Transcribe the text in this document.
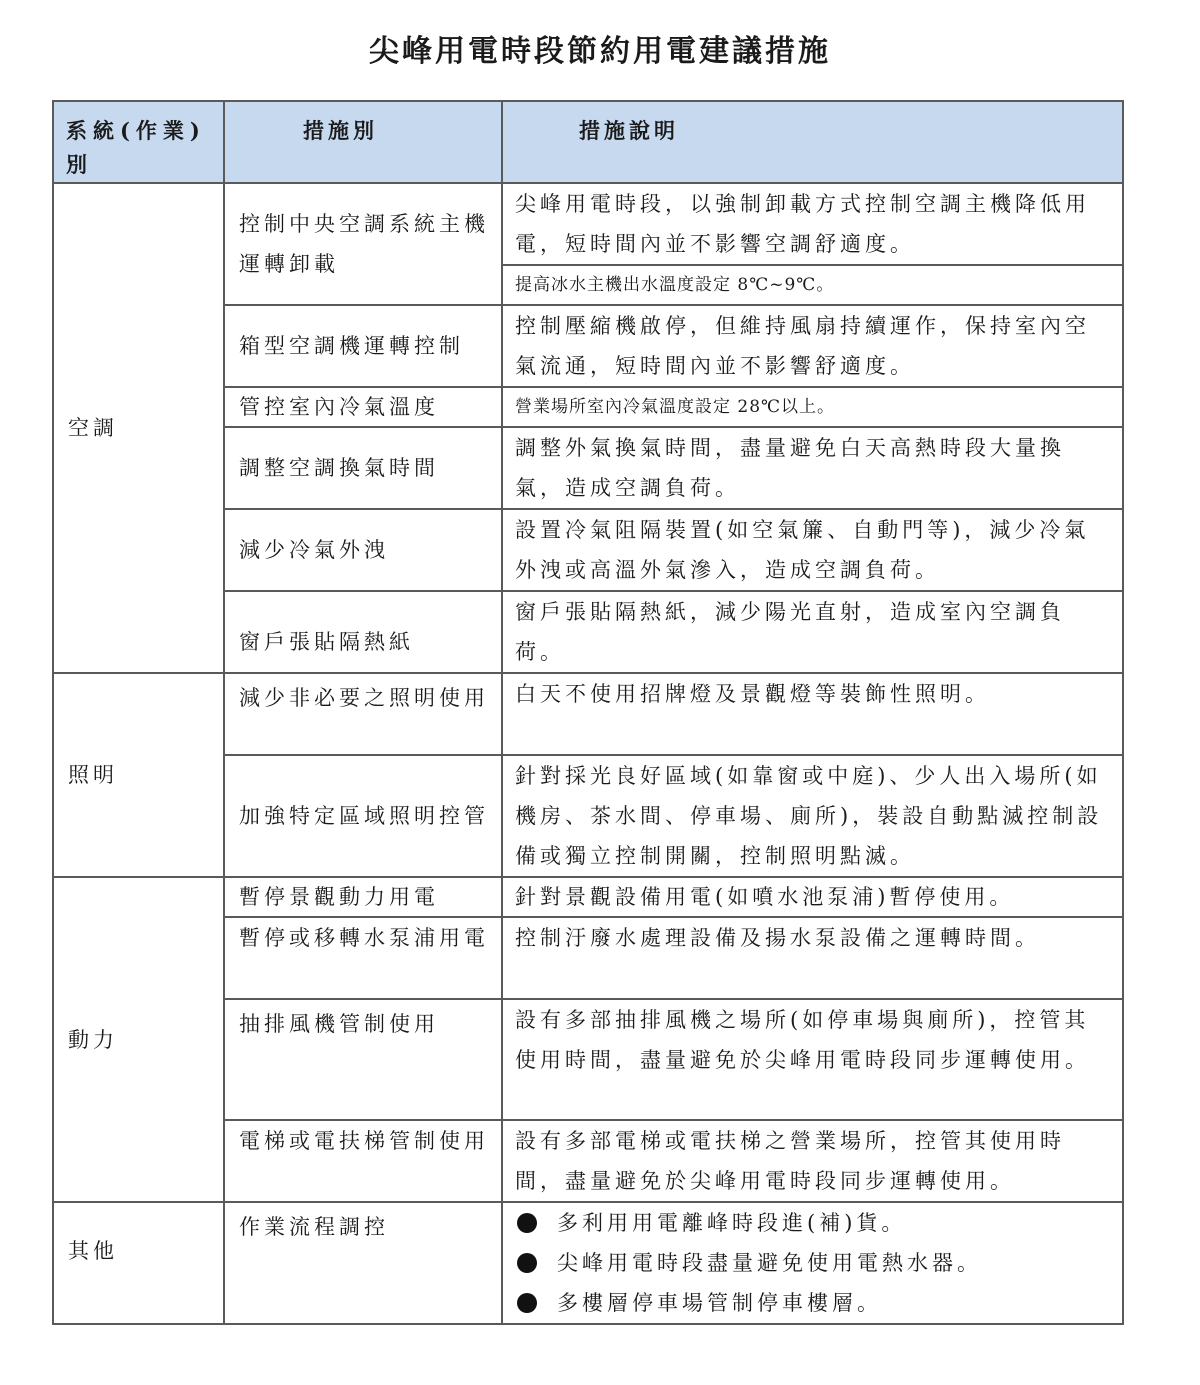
尖峰用電時段節約用電建議措施
系統(作業)別	措施別	措施說明
空調	控制中央空調系統主機運轉卸載	尖峰用電時段，以強制卸載方式控制空調主機降低用電，短時間內並不影響空調舒適度。
		提高冰水主機出水溫度設定 8℃~9℃。
	箱型空調機運轉控制	控制壓縮機啟停，但維持風扇持續運作，保持室內空氣流通，短時間內並不影響舒適度。
	管控室內冷氣溫度	營業場所室內冷氣溫度設定 28℃以上。
	調整空調換氣時間	調整外氣換氣時間，盡量避免白天高熱時段大量換氣，造成空調負荷。
	減少冷氣外洩	設置冷氣阻隔裝置(如空氣簾、自動門等)，減少冷氣外洩或高溫外氣滲入，造成空調負荷。
	窗戶張貼隔熱紙	窗戶張貼隔熱紙，減少陽光直射，造成室內空調負荷。

照明	減少非必要之照明使用	白天不使用招牌燈及景觀燈等裝飾性照明。
	加強特定區域照明控管	針對採光良好區域(如靠窗或中庭)、少人出入場所(如機房、茶水間、停車場、廁所)，裝設自動點滅控制設備或獨立控制開關，控制照明點滅。
動力	暫停景觀動力用電	針對景觀設備用電(如噴水池泵浦)暫停使用。
	暫停或移轉水泵浦用電	控制汙廢水處理設備及揚水泵設備之運轉時間。
	抽排風機管制使用	設有多部抽排風機之場所(如停車場與廁所)，控管其使用時間，盡量避免於尖峰用電時段同步運轉使用。
	電梯或電扶梯管制使用	設有多部電梯或電扶梯之營業場所，控管其使用時間，盡量避免於尖峰用電時段同步運轉使用。
其他	作業流程調控	多利用用電離峰時段進(補)貨。
尖峰用電時段盡量避免使用電熱水器。
多樓層停車場管制停車樓層。
